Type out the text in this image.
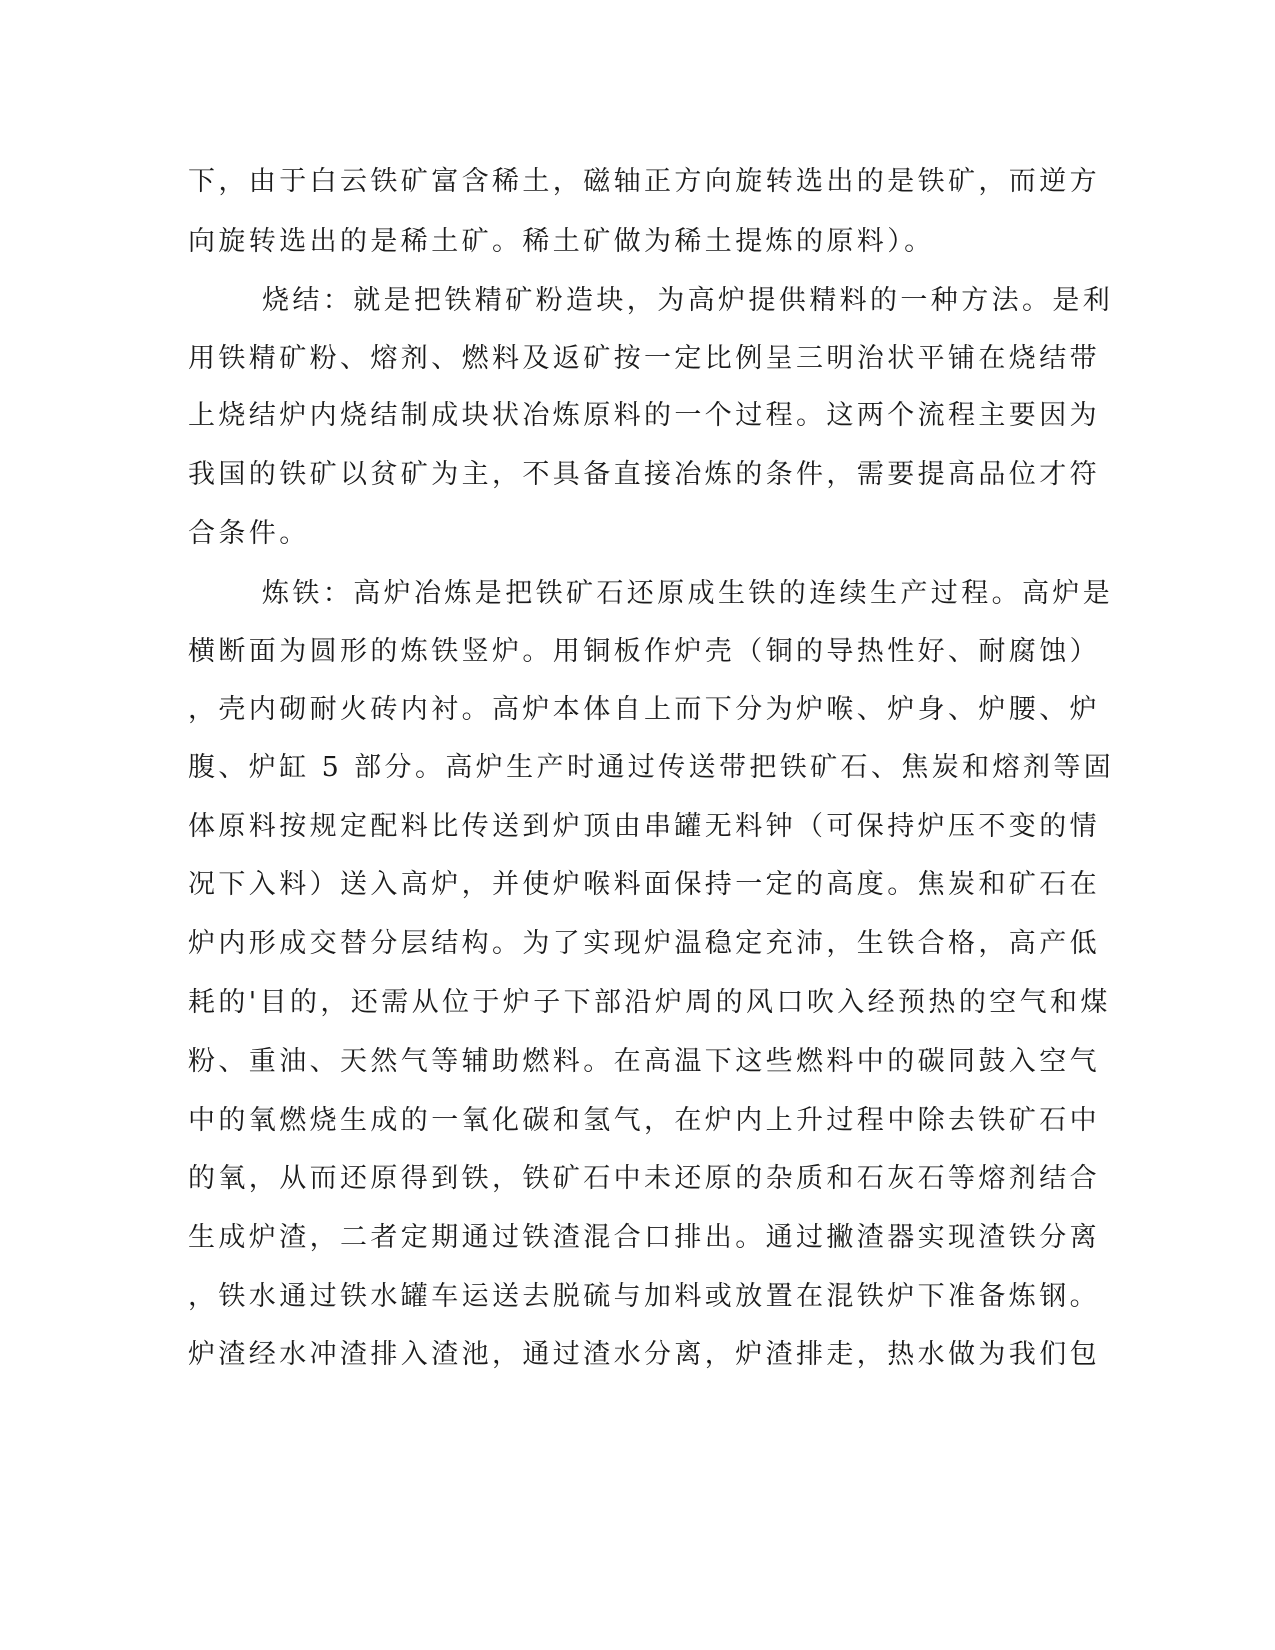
下，由于白云铁矿富含稀土，磁轴正方向旋转选出的是铁矿，而逆方
向旋转选出的是稀土矿。稀土矿做为稀土提炼的原料）。
烧结：就是把铁精矿粉造块，为高炉提供精料的一种方法。是利
用铁精矿粉、熔剂、燃料及返矿按一定比例呈三明治状平铺在烧结带
上烧结炉内烧结制成块状冶炼原料的一个过程。这两个流程主要因为
我国的铁矿以贫矿为主，不具备直接冶炼的条件，需要提高品位才符
合条件。
炼铁：高炉冶炼是把铁矿石还原成生铁的连续生产过程。高炉是
横断面为圆形的炼铁竖炉。用铜板作炉壳（铜的导热性好、耐腐蚀）
，壳内砌耐火砖内衬。高炉本体自上而下分为炉喉、炉身、炉腰、炉
腹、炉缸 5 部分。高炉生产时通过传送带把铁矿石、焦炭和熔剂等固
体原料按规定配料比传送到炉顶由串罐无料钟（可保持炉压不变的情
况下入料）送入高炉，并使炉喉料面保持一定的高度。焦炭和矿石在
炉内形成交替分层结构。为了实现炉温稳定充沛，生铁合格，高产低
耗的'目的，还需从位于炉子下部沿炉周的风口吹入经预热的空气和煤
粉、重油、天然气等辅助燃料。在高温下这些燃料中的碳同鼓入空气
中的氧燃烧生成的一氧化碳和氢气，在炉内上升过程中除去铁矿石中
的氧，从而还原得到铁，铁矿石中未还原的杂质和石灰石等熔剂结合
生成炉渣，二者定期通过铁渣混合口排出。通过撇渣器实现渣铁分离
，铁水通过铁水罐车运送去脱硫与加料或放置在混铁炉下准备炼钢。
炉渣经水冲渣排入渣池，通过渣水分离，炉渣排走，热水做为我们包
